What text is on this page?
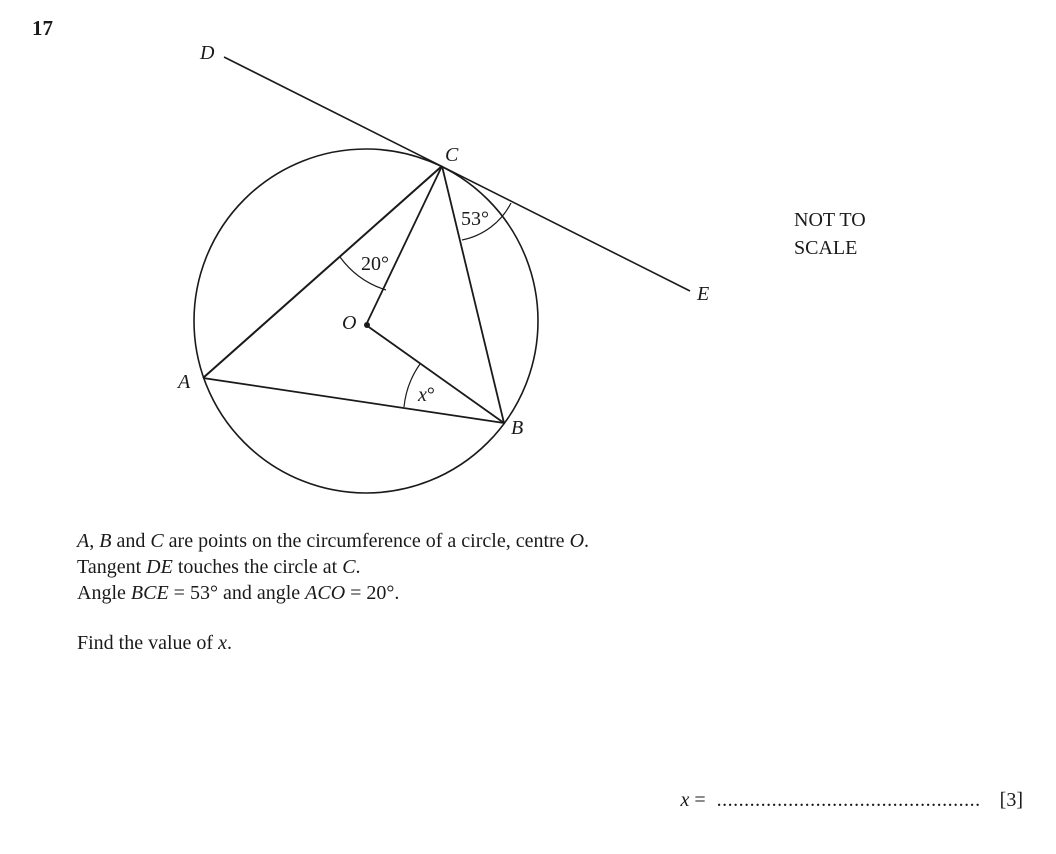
17
D
C
E
O
A
B
53°
20°
x°
NOT TO
SCALE
A, B and C are points on the circumference of a circle, centre O.
Tangent DE touches the circle at C.
Angle BCE = 53° and angle ACO = 20°.
Find the value of x.
x = ................................................ [3]
